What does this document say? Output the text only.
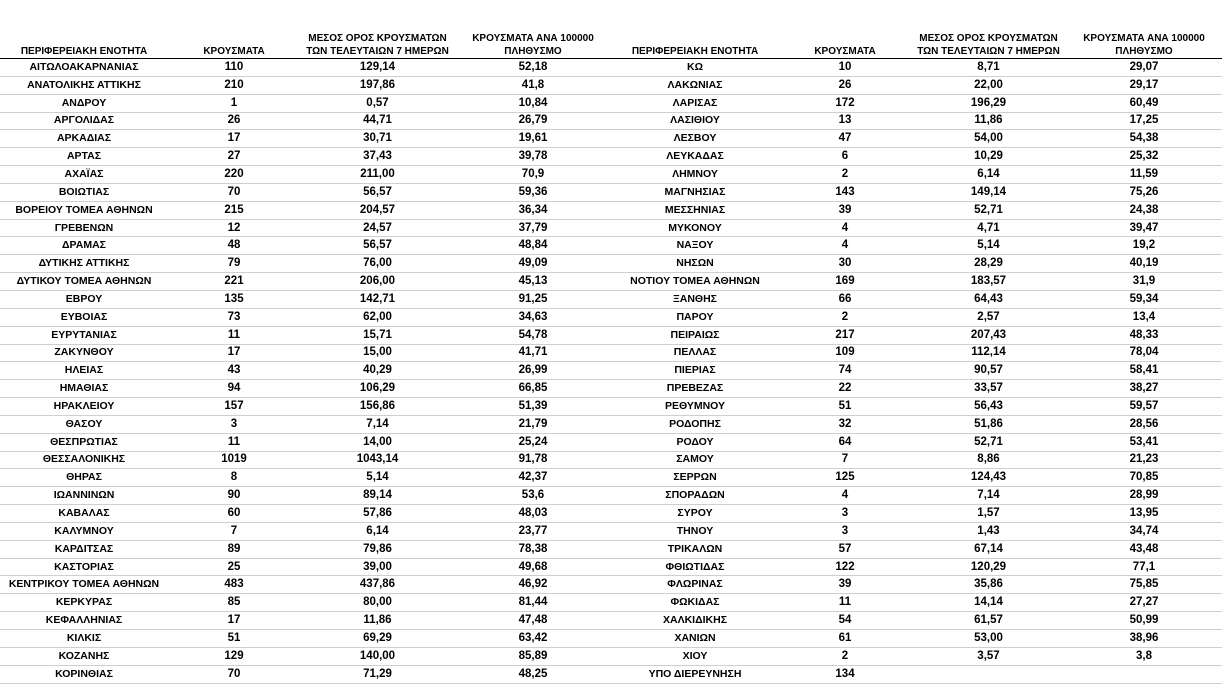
ΠΕΡΙΦΕΡΕΙΑΚΗ ΕΝΟΤΗΤΑ	ΚΡΟΥΣΜΑΤΑ	ΜΕΣΟΣ ΟΡΟΣ ΚΡΟΥΣΜΑΤΩΝ ΤΩΝ ΤΕΛΕΥΤΑΙΩΝ 7 ΗΜΕΡΩΝ	ΚΡΟΥΣΜΑΤΑ ΑΝΑ 100000 ΠΛΗΘΥΣΜΟ
ΑΙΤΩΛΟΑΚΑΡΝΑΝΙΑΣ	110	129,14	52,18
ΑΝΑΤΟΛΙΚΗΣ ΑΤΤΙΚΗΣ	210	197,86	41,8
ΑΝΔΡΟΥ	1	0,57	10,84
ΑΡΓΟΛΙΔΑΣ	26	44,71	26,79
ΑΡΚΑΔΙΑΣ	17	30,71	19,61
ΑΡΤΑΣ	27	37,43	39,78
ΑΧΑΪΑΣ	220	211,00	70,9
ΒΟΙΩΤΙΑΣ	70	56,57	59,36
ΒΟΡΕΙΟΥ ΤΟΜΕΑ ΑΘΗΝΩΝ	215	204,57	36,34
ΓΡΕΒΕΝΩΝ	12	24,57	37,79
ΔΡΑΜΑΣ	48	56,57	48,84
ΔΥΤΙΚΗΣ ΑΤΤΙΚΗΣ	79	76,00	49,09
ΔΥΤΙΚΟΥ ΤΟΜΕΑ ΑΘΗΝΩΝ	221	206,00	45,13
ΕΒΡΟΥ	135	142,71	91,25
ΕΥΒΟΙΑΣ	73	62,00	34,63
ΕΥΡΥΤΑΝΙΑΣ	11	15,71	54,78
ΖΑΚΥΝΘΟΥ	17	15,00	41,71
ΗΛΕΙΑΣ	43	40,29	26,99
ΗΜΑΘΙΑΣ	94	106,29	66,85
ΗΡΑΚΛΕΙΟΥ	157	156,86	51,39
ΘΑΣΟΥ	3	7,14	21,79
ΘΕΣΠΡΩΤΙΑΣ	11	14,00	25,24
ΘΕΣΣΑΛΟΝΙΚΗΣ	1019	1043,14	91,78
ΘΗΡΑΣ	8	5,14	42,37
ΙΩΑΝΝΙΝΩΝ	90	89,14	53,6
ΚΑΒΑΛΑΣ	60	57,86	48,03
ΚΑΛΥΜΝΟΥ	7	6,14	23,77
ΚΑΡΔΙΤΣΑΣ	89	79,86	78,38
ΚΑΣΤΟΡΙΑΣ	25	39,00	49,68
ΚΕΝΤΡΙΚΟΥ ΤΟΜΕΑ ΑΘΗΝΩΝ	483	437,86	46,92
ΚΕΡΚΥΡΑΣ	85	80,00	81,44
ΚΕΦΑΛΛΗΝΙΑΣ	17	11,86	47,48
ΚΙΛΚΙΣ	51	69,29	63,42
ΚΟΖΑΝΗΣ	129	140,00	85,89
ΚΟΡΙΝΘΙΑΣ	70	71,29	48,25
ΠΕΡΙΦΕΡΕΙΑΚΗ ΕΝΟΤΗΤΑ	ΚΡΟΥΣΜΑΤΑ	ΜΕΣΟΣ ΟΡΟΣ ΚΡΟΥΣΜΑΤΩΝ ΤΩΝ ΤΕΛΕΥΤΑΙΩΝ 7 ΗΜΕΡΩΝ	ΚΡΟΥΣΜΑΤΑ ΑΝΑ 100000 ΠΛΗΘΥΣΜΟ
ΚΩ	10	8,71	29,07
ΛΑΚΩΝΙΑΣ	26	22,00	29,17
ΛΑΡΙΣΑΣ	172	196,29	60,49
ΛΑΣΙΘΙΟΥ	13	11,86	17,25
ΛΕΣΒΟΥ	47	54,00	54,38
ΛΕΥΚΑΔΑΣ	6	10,29	25,32
ΛΗΜΝΟΥ	2	6,14	11,59
ΜΑΓΝΗΣΙΑΣ	143	149,14	75,26
ΜΕΣΣΗΝΙΑΣ	39	52,71	24,38
ΜΥΚΟΝΟΥ	4	4,71	39,47
ΝΑΞΟΥ	4	5,14	19,2
ΝΗΣΩΝ	30	28,29	40,19
ΝΟΤΙΟΥ ΤΟΜΕΑ ΑΘΗΝΩΝ	169	183,57	31,9
ΞΑΝΘΗΣ	66	64,43	59,34
ΠΑΡΟΥ	2	2,57	13,4
ΠΕΙΡΑΙΩΣ	217	207,43	48,33
ΠΕΛΛΑΣ	109	112,14	78,04
ΠΙΕΡΙΑΣ	74	90,57	58,41
ΠΡΕΒΕΖΑΣ	22	33,57	38,27
ΡΕΘΥΜΝΟΥ	51	56,43	59,57
ΡΟΔΟΠΗΣ	32	51,86	28,56
ΡΟΔΟΥ	64	52,71	53,41
ΣΑΜΟΥ	7	8,86	21,23
ΣΕΡΡΩΝ	125	124,43	70,85
ΣΠΟΡΑΔΩΝ	4	7,14	28,99
ΣΥΡΟΥ	3	1,57	13,95
ΤΗΝΟΥ	3	1,43	34,74
ΤΡΙΚΑΛΩΝ	57	67,14	43,48
ΦΘΙΩΤΙΔΑΣ	122	120,29	77,1
ΦΛΩΡΙΝΑΣ	39	35,86	75,85
ΦΩΚΙΔΑΣ	11	14,14	27,27
ΧΑΛΚΙΔΙΚΗΣ	54	61,57	50,99
ΧΑΝΙΩΝ	61	53,00	38,96
ΧΙΟΥ	2	3,57	3,8
ΥΠΟ ΔΙΕΡΕΥΝΗΣΗ	134		
